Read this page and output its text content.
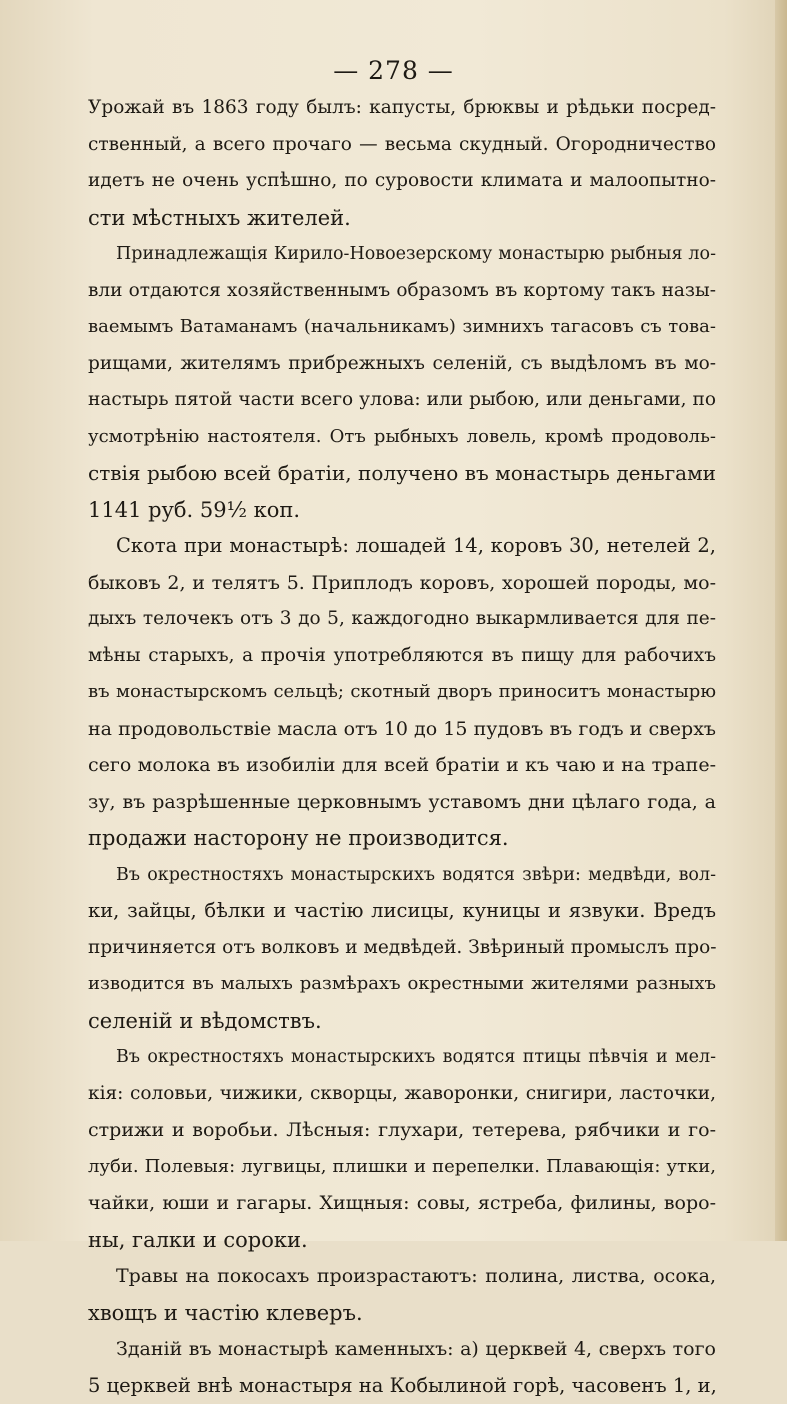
— 278 —
Урожай въ 1863 году былъ: капусты, брюквы и рѣдьки посред-
ственный, а всего прочаго — весьма скудный. Огородничество
идетъ не очень успѣшно, по суровости климата и малоопытно-
сти мѣстныхъ жителей.
Принадлежащія Кирило-Новоезерскому монастырю рыбныя ло-
вли отдаются хозяйственнымъ образомъ въ кортому такъ назы-
ваемымъ Ватаманамъ (начальникамъ) зимнихъ тагасовъ съ това-
рищами, жителямъ прибрежныхъ селеній, съ выдѣломъ въ мо-
настырь пятой части всего улова: или рыбою, или деньгами, по
усмотрѣнію настоятеля. Отъ рыбныхъ ловель, кромѣ продоволь-
ствія рыбою всей братіи, получено въ монастырь деньгами
1141 руб. 59½ коп.
Скота при монастырѣ: лошадей 14, коровъ 30, нетелей 2,
быковъ 2, и телятъ 5. Приплодъ коровъ, хорошей породы, мо-
дыхъ телочекъ отъ 3 до 5, каждогодно выкармливается для пе-
мѣны старыхъ, а прочія употребляются въ пищу для рабочихъ
въ монастырскомъ сельцѣ; скотный дворъ приноситъ монастырю
на продовольствіе масла отъ 10 до 15 пудовъ въ годъ и сверхъ
сего молока въ изобиліи для всей братіи и къ чаю и на трапе-
зу, въ разрѣшенные церковнымъ уставомъ дни цѣлаго года, а
продажи насторону не производится.
Въ окрестностяхъ монастырскихъ водятся звѣри: медвѣди, вол-
ки, зайцы, бѣлки и частію лисицы, куницы и язвуки. Вредъ
причиняется отъ волковъ и медвѣдей. Звѣриный промыслъ про-
изводится въ малыхъ размѣрахъ окрестными жителями разныхъ
селеній и вѣдомствъ.
Въ окрестностяхъ монастырскихъ водятся птицы пѣвчія и мел-
кія: соловьи, чижики, скворцы, жаворонки, снигири, ласточки,
стрижи и воробьи. Лѣсныя: глухари, тетерева, рябчики и го-
луби. Полевыя: лугвицы, плишки и перепелки. Плавающія: утки,
чайки, юши и гагары. Хищныя: совы, ястреба, филины, воро-
ны, галки и сороки.
Травы на покосахъ произрастаютъ: полина, листва, осока,
хвощъ и частію клеверъ.
Зданій въ монастырѣ каменныхъ: а) церквей 4, сверхъ того
5 церквей внѣ монастыря на Кобылиной горѣ, часовенъ 1, и,
